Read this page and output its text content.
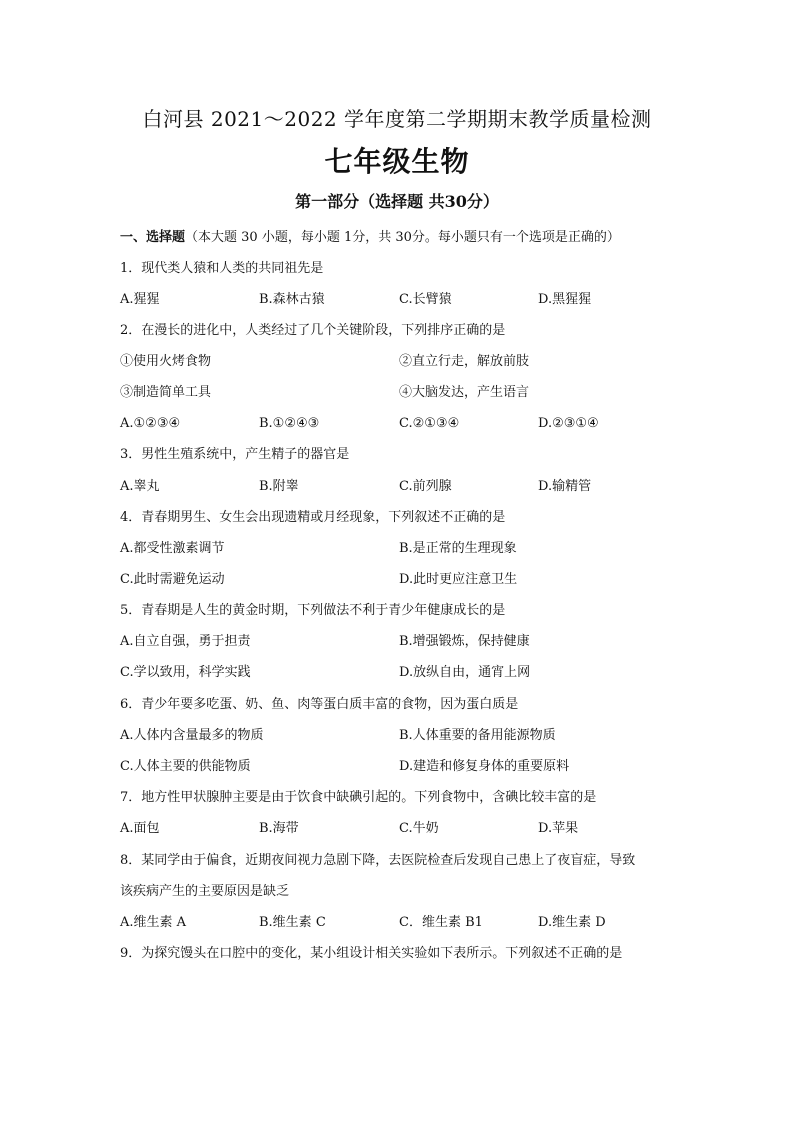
白河县 2021～2022 学年度第二学期期末教学质量检测
七年级生物
第一部分（选择题 共30分）
一、选择题（本大题 30 小题，每小题 1分，共 30分。每小题只有一个选项是正确的）
1．现代类人猿和人类的共同祖先是
A.猩猩	B.森林古猿	C.长臂猿	D.黑猩猩
2．在漫长的进化中，人类经过了几个关键阶段，下列排序正确的是
①使用火烤食物	②直立行走，解放前肢
③制造简单工具	④大脑发达，产生语言
A.①②③④	B.①②④③	C.②①③④	D.②③①④
3．男性生殖系统中，产生精子的器官是
A.睾丸	B.附睾	C.前列腺	D.输精管
4．青春期男生、女生会出现遗精或月经现象，下列叙述不正确的是
A.都受性激素调节	B.是正常的生理现象
C.此时需避免运动	D.此时更应注意卫生
5．青春期是人生的黄金时期，下列做法不利于青少年健康成长的是
A.自立自强，勇于担责	B.增强锻炼，保持健康
C.学以致用，科学实践	D.放纵自由，通宵上网
6．青少年要多吃蛋、奶、鱼、肉等蛋白质丰富的食物，因为蛋白质是
A.人体内含量最多的物质	B.人体重要的备用能源物质
C.人体主要的供能物质	D.建造和修复身体的重要原料
7．地方性甲状腺肿主要是由于饮食中缺碘引起的。下列食物中，含碘比较丰富的是
A.面包	B.海带	C.牛奶	D.苹果
8．某同学由于偏食，近期夜间视力急剧下降，去医院检查后发现自己患上了夜盲症，导致
该疾病产生的主要原因是缺乏
A.维生素 A	B.维生素 C	C．维生素 B1	D.维生素 D
9．为探究馒头在口腔中的变化，某小组设计相关实验如下表所示。下列叙述不正确的是
